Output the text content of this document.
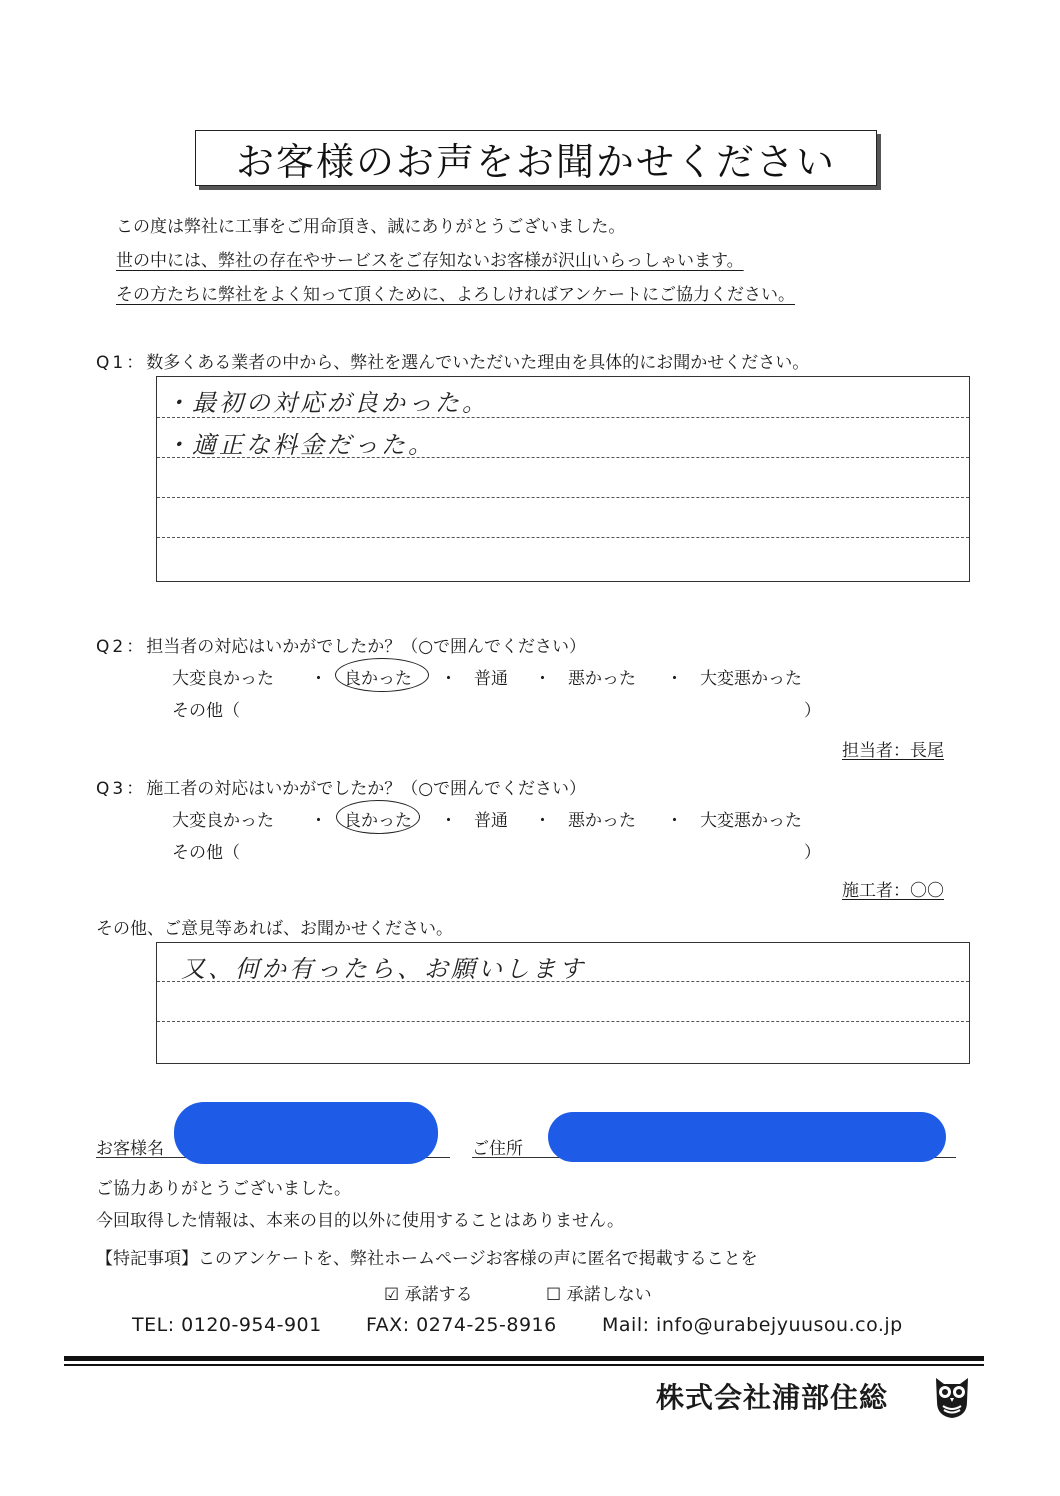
お客様のお声をお聞かせください
この度は弊社に工事をご用命頂き、誠にありがとうございました。
世の中には、弊社の存在やサービスをご存知ないお客様が沢山いらっしゃいます。
その方たちに弊社をよく知って頂くために、よろしければアンケートにご協力ください。
Q1：数多くある業者の中から、弊社を選んでいただいた理由を具体的にお聞かせください。
・最初の対応が良かった。
・適正な料金だった。
Q2：担当者の対応はいかがでしたか？（○で囲んでください）
大変良かった ・ 良かった ・ 普通 ・ 悪かった ・ 大変悪かった
その他（	）
担当者：長尾
Q3：施工者の対応はいかがでしたか？（○で囲んでください）
大変良かった ・ 良かった ・ 普通 ・ 悪かった ・ 大変悪かった
その他（	）
施工者：〇〇
その他、ご意見等あれば、お聞かせください。
又、何か有ったら、お願いします
お客様名	ご住所
ご協力ありがとうございました。
今回取得した情報は、本来の目的以外に使用することはありません。
【特記事項】このアンケートを、弊社ホームページお客様の声に匿名で掲載することを
☑ 承諾する	☐ 承諾しない
TEL: 0120-954-901 FAX: 0274-25-8916 Mail: info@urabejyuusou.co.jp
株式会社浦部住総
